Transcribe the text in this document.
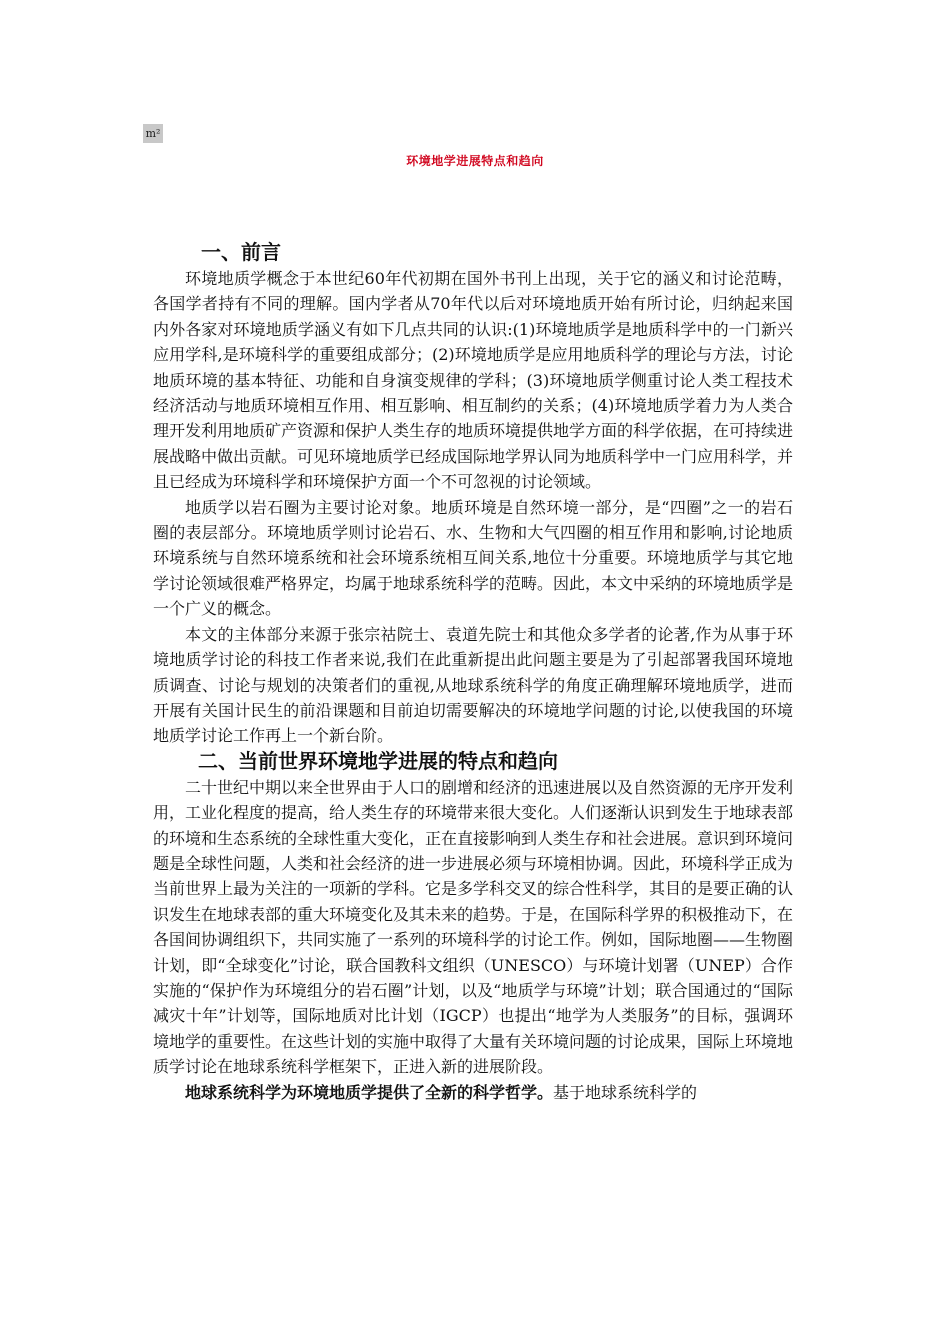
m²
环境地学进展特点和趋向
一、前言

环境地质学概念于本世纪60年代初期在国外书刊上出现，关于它的涵义和讨论范畴，各国学者持有不同的理解。国内学者从70年代以后对环境地质开始有所讨论，归纳起来国内外各家对环境地质学涵义有如下几点共同的认识:(1)环境地质学是地质科学中的一门新兴应用学科,是环境科学的重要组成部分；(2)环境地质学是应用地质科学的理论与方法，讨论地质环境的基本特征、功能和自身演变规律的学科；(3)环境地质学侧重讨论人类工程技术经济活动与地质环境相互作用、相互影响、相互制约的关系；(4)环境地质学着力为人类合理开发利用地质矿产资源和保护人类生存的地质环境提供地学方面的科学依据，在可持续进展战略中做出贡献。可见环境地质学已经成国际地学界认同为地质科学中一门应用科学，并且已经成为环境科学和环境保护方面一个不可忽视的讨论领域。

地质学以岩石圈为主要讨论对象。地质环境是自然环境一部分，是“四圈”之一的岩石圈的表层部分。环境地质学则讨论岩石、水、生物和大气四圈的相互作用和影响,讨论地质环境系统与自然环境系统和社会环境系统相互间关系,地位十分重要。环境地质学与其它地学讨论领域很难严格界定，均属于地球系统科学的范畴。因此，本文中采纳的环境地质学是一个广义的概念。

本文的主体部分来源于张宗祜院士、袁道先院士和其他众多学者的论著,作为从事于环境地质学讨论的科技工作者来说,我们在此重新提出此问题主要是为了引起部署我国环境地质调查、讨论与规划的决策者们的重视,从地球系统科学的角度正确理解环境地质学，进而开展有关国计民生的前沿课题和目前迫切需要解决的环境地学问题的讨论,以使我国的环境地质学讨论工作再上一个新台阶。

二、当前世界环境地学进展的特点和趋向

二十世纪中期以来全世界由于人口的剧增和经济的迅速进展以及自然资源的无序开发利用，工业化程度的提高，给人类生存的环境带来很大变化。人们逐渐认识到发生于地球表部的环境和生态系统的全球性重大变化，正在直接影响到人类生存和社会进展。意识到环境问题是全球性问题，人类和社会经济的进一步进展必须与环境相协调。因此，环境科学正成为当前世界上最为关注的一项新的学科。它是多学科交叉的综合性科学，其目的是要正确的认识发生在地球表部的重大环境变化及其未来的趋势。于是，在国际科学界的积极推动下，在各国间协调组织下，共同实施了一系列的环境科学的讨论工作。例如，国际地圈——生物圈计划，即“全球变化”讨论，联合国教科文组织（UNESCO）与环境计划署（UNEP）合作实施的“保护作为环境组分的岩石圈”计划，以及“地质学与环境”计划；联合国通过的“国际减灾十年”计划等，国际地质对比计划（IGCP）也提出“地学为人类服务”的目标，强调环境地学的重要性。在这些计划的实施中取得了大量有关环境问题的讨论成果，国际上环境地质学讨论在地球系统科学框架下，正进入新的进展阶段。

地球系统科学为环境地质学提供了全新的科学哲学。基于地球系统科学的
